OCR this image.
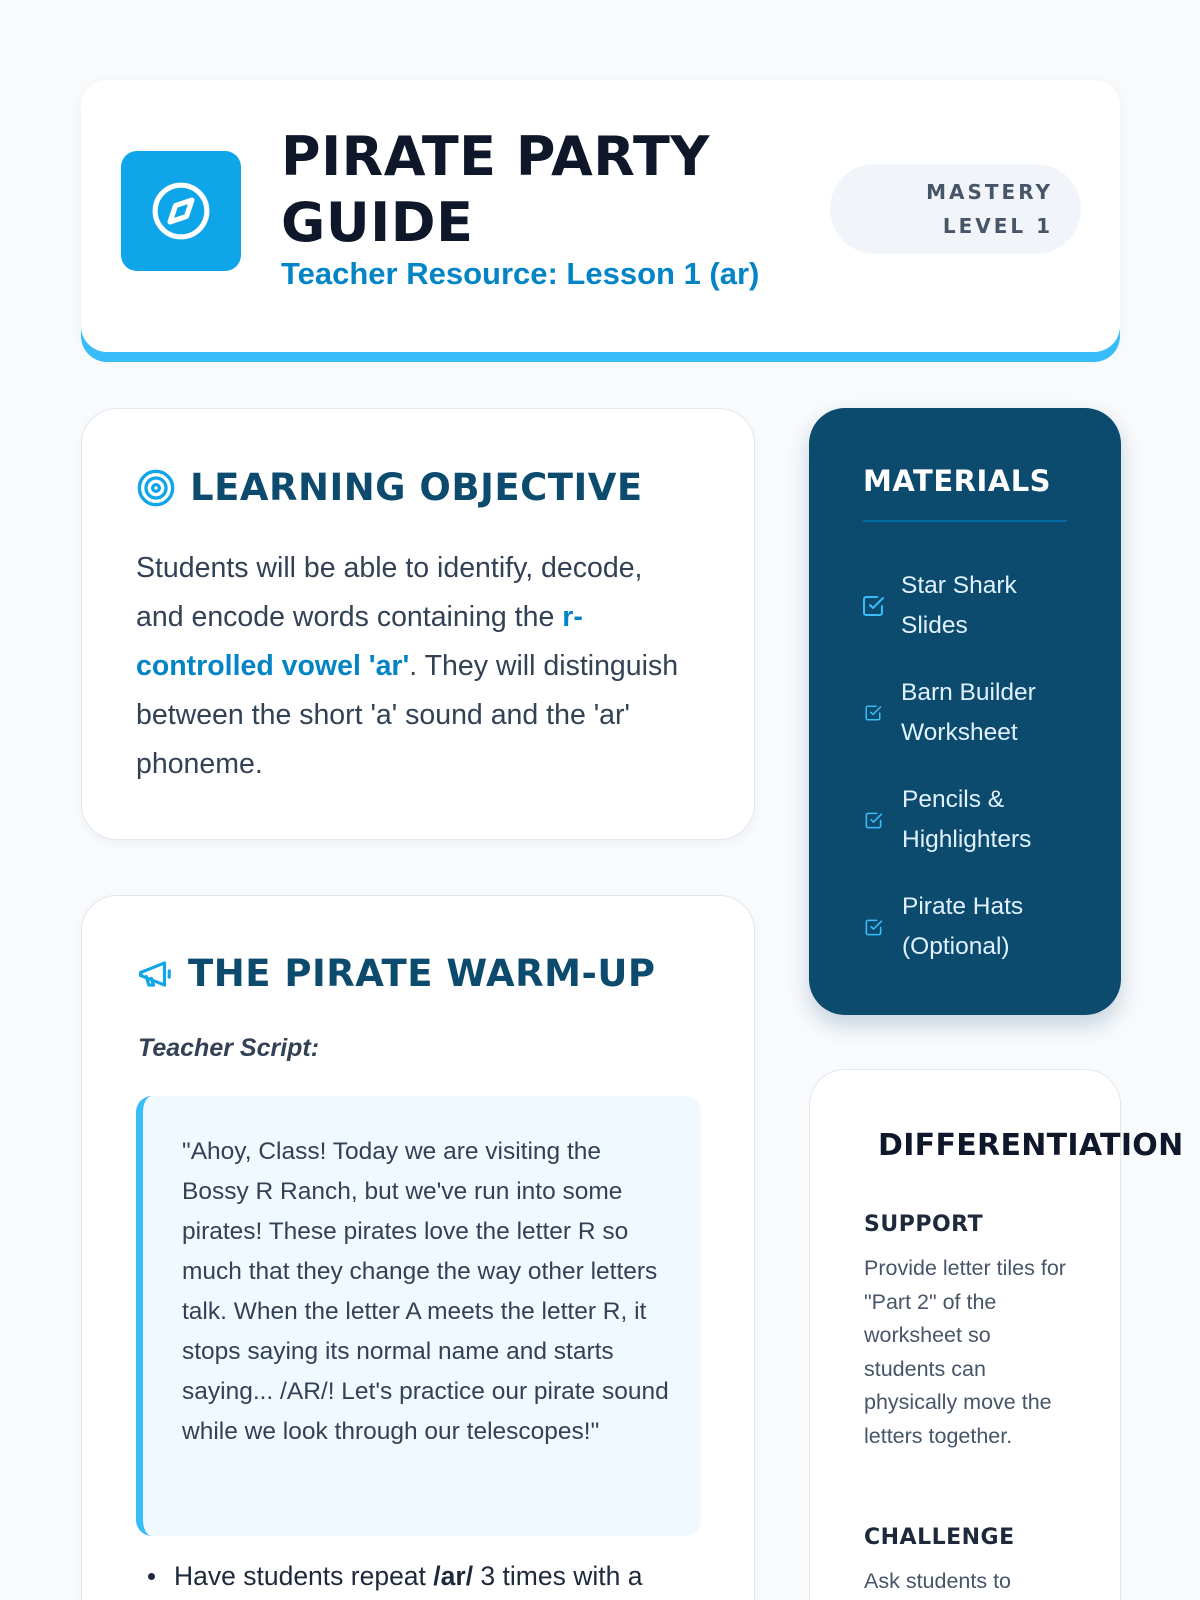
PIRATE PARTY
GUIDE
Teacher Resource: Lesson 1 (ar)
MASTERY
LEVEL 1
LEARNING OBJECTIVE

Students will be able to identify, decode, and encode words containing the r-controlled vowel 'ar'. They will distinguish between the short 'a' sound and the 'ar' phoneme.

THE PIRATE WARM-UP
Teacher Script:
"Ahoy, Class! Today we are visiting the Bossy R Ranch, but we've run into some pirates! These pirates love the letter R so much that they change the way other letters talk. When the letter A meets the letter R, it stops saying its normal name and starts saying... /AR/! Let's practice our pirate sound while we look through our telescopes!"
Have students repeat /ar/ 3 times with a
MATERIALS
Star Shark Slides
Barn Builder Worksheet
Pencils & Highlighters
Pirate Hats (Optional)
DIFFERENTIATION
SUPPORT
Provide letter tiles for "Part 2" of the worksheet so students can physically move the letters together.
CHALLENGE
Ask students to
